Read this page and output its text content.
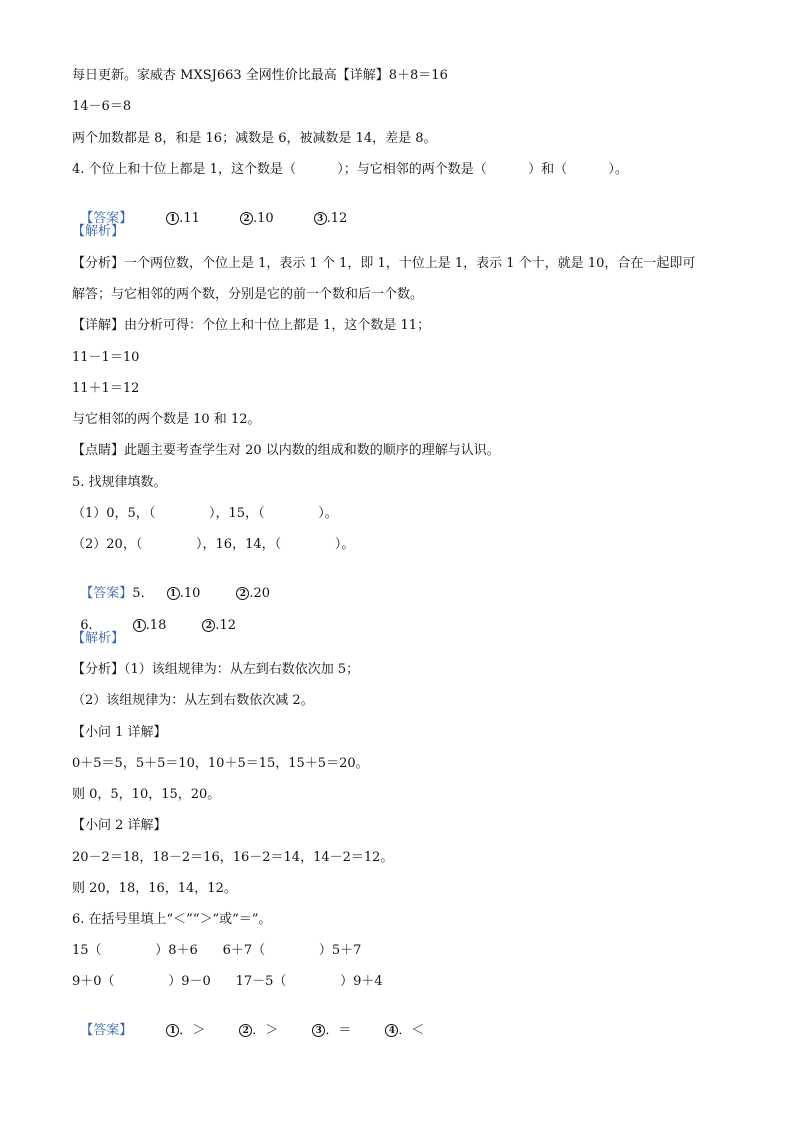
每日更新。家威杏 MXSJ663 全网性价比最高【详解】8＋8＝16
14－6＝8
两个加数都是 8，和是 16；减数是 6，被减数是 14，差是 8。
4. 个位上和十位上都是 1，这个数是（          ）；与它相邻的两个数是（          ）和（          ）。

【答案】	1 .11	2 .10	3 .12

【解析】
【分析】一个两位数，个位上是 1，表示 1 个 1，即 1，十位上是 1，表示 1 个十，就是 10，合在一起即可
解答；与它相邻的两个数，分别是它的前一个数和后一个数。
【详解】由分析可得：个位上和十位上都是 1，这个数是 11；
11－1＝10
11＋1＝12
与它相邻的两个数是 10 和 12。
【点睛】此题主要考查学生对 20 以内数的组成和数的顺序的理解与认识。
5. 找规律填数。
（1）0，5，（             ），15，（             ）。
（2）20，（             ），16，14，（             ）。

【答案】5.	1 .10	2 .20

6.	1 .18	2 .12

【解析】
【分析】（1）该组规律为：从左到右数依次加 5；
（2）该组规律为：从左到右数依次减 2。
【小问 1 详解】
0＋5＝5，5＋5＝10，10＋5＝15，15＋5＝20。
则 0，5，10，15，20。
【小问 2 详解】
20－2＝18，18－2＝16，16－2＝14，14－2＝12。
则 20，18，16，14，12。
6. 在括号里填上“＜”“＞”或“＝”。
15（             ）8＋6      6＋7（             ）5＋7
9＋0（             ）9－0      17－5（             ）9＋4

【答案】	1 ．＞	2 ．＞	3 ．＝	4 ．＜
